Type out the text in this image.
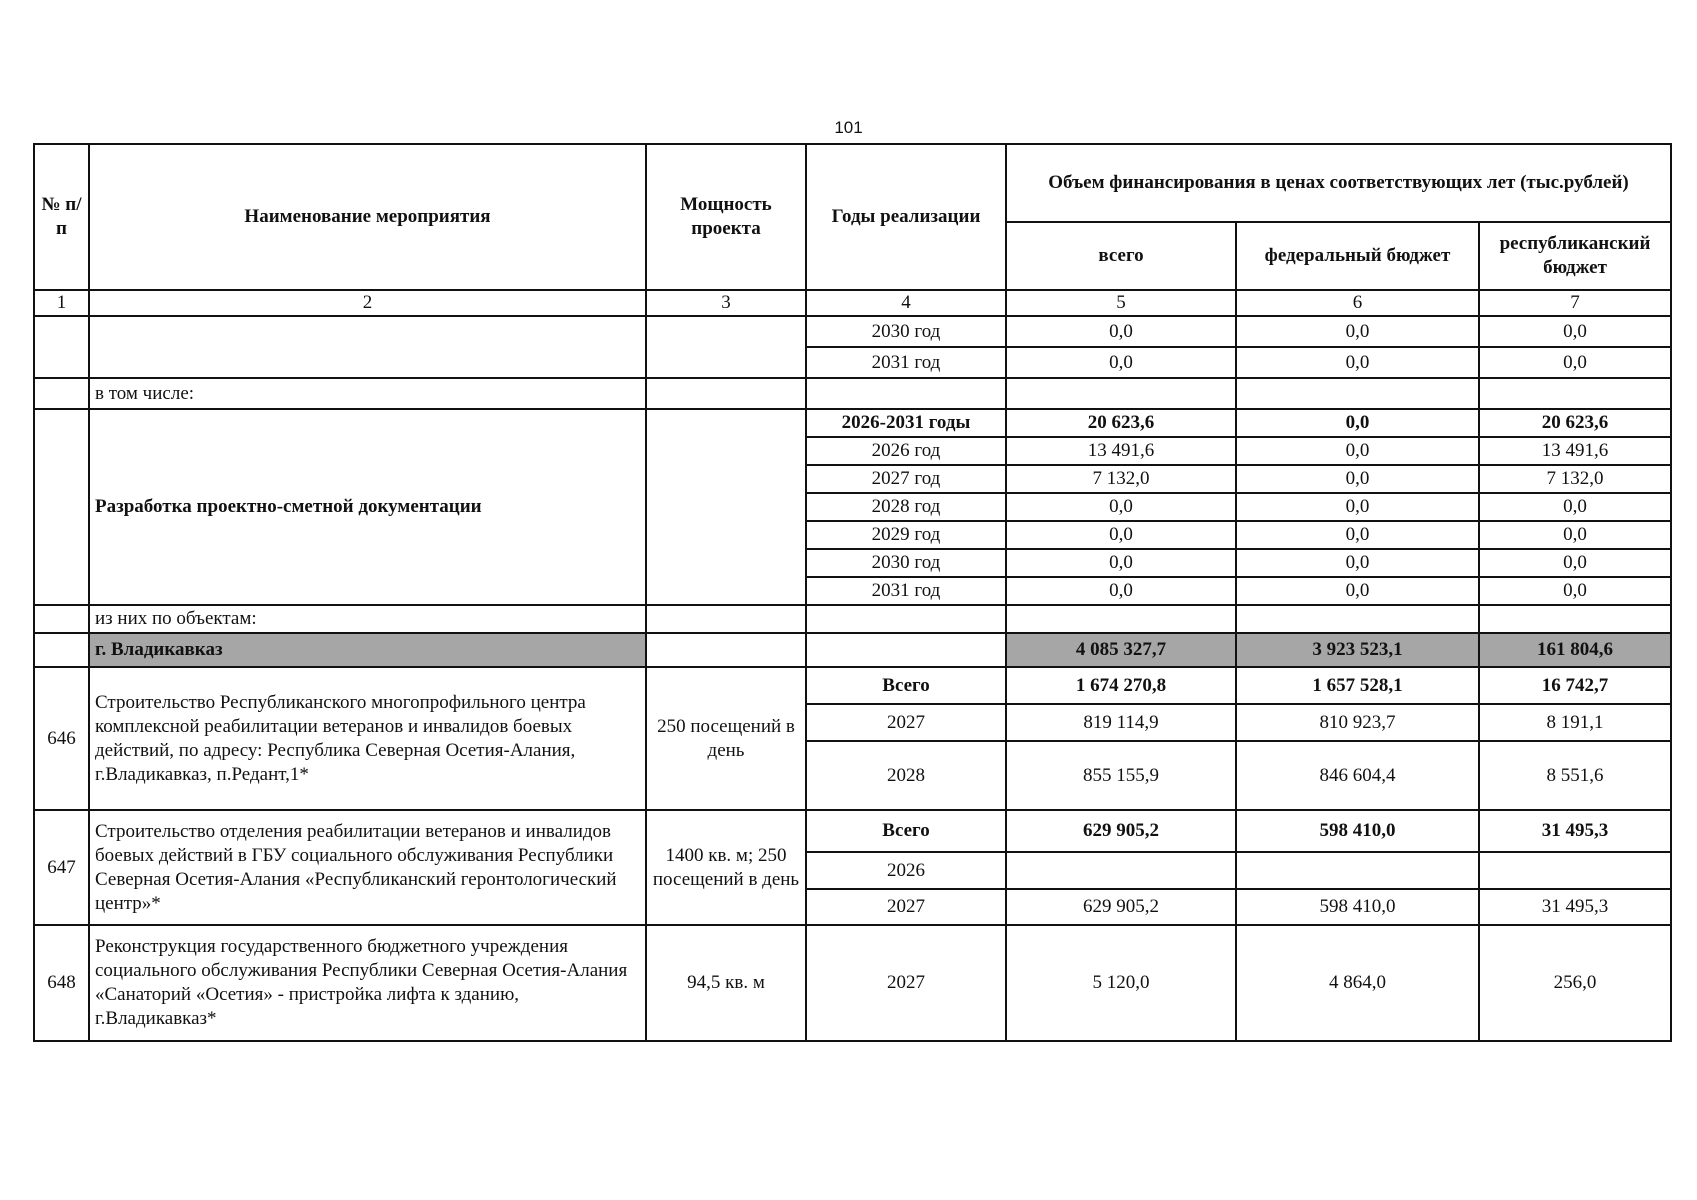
101
№ п/п	Наименование мероприятия	Мощность проекта	Годы реализации	Объем финансирования в ценах соответствующих лет (тыс.рублей)		
				всего	федеральный бюджет	республиканский бюджет
1	2	3	4	5	6	7
			2030 год	0,0	0,0	0,0
			2031 год	0,0	0,0	0,0
	в том числе:					
	Разработка проектно-сметной документации		2026-2031 годы	20 623,6	0,0	20 623,6
			2026 год	13 491,6	0,0	13 491,6
			2027 год	7 132,0	0,0	7 132,0
			2028 год	0,0	0,0	0,0
			2029 год	0,0	0,0	0,0
			2030 год	0,0	0,0	0,0
			2031 год	0,0	0,0	0,0
	из них по объектам:					
	г. Владикавказ			4 085 327,7	3 923 523,1	161 804,6
646	Строительство Республиканского многопрофильного центра комплексной реабилитации ветеранов и инвалидов боевых действий, по адресу: Республика Северная Осетия-Алания, г.Владикавказ, п.Редант,1*	250 посещений в день	Всего	1 674 270,8	1 657 528,1	16 742,7
			2027	819 114,9	810 923,7	8 191,1
			2028	855 155,9	846 604,4	8 551,6
647	Строительство отделения реабилитации ветеранов и инвалидов боевых действий в ГБУ социального обслуживания Республики Северная Осетия-Алания «Республиканский геронтологический центр»*	1400 кв. м; 250 посещений в день	Всего	629 905,2	598 410,0	31 495,3
			2026			
			2027	629 905,2	598 410,0	31 495,3
648	Реконструкция государственного бюджетного учреждения социального обслуживания Республики Северная Осетия-Алания «Санаторий «Осетия» - пристройка лифта к зданию, г.Владикавказ*	94,5 кв. м	2027	5 120,0	4 864,0	256,0
